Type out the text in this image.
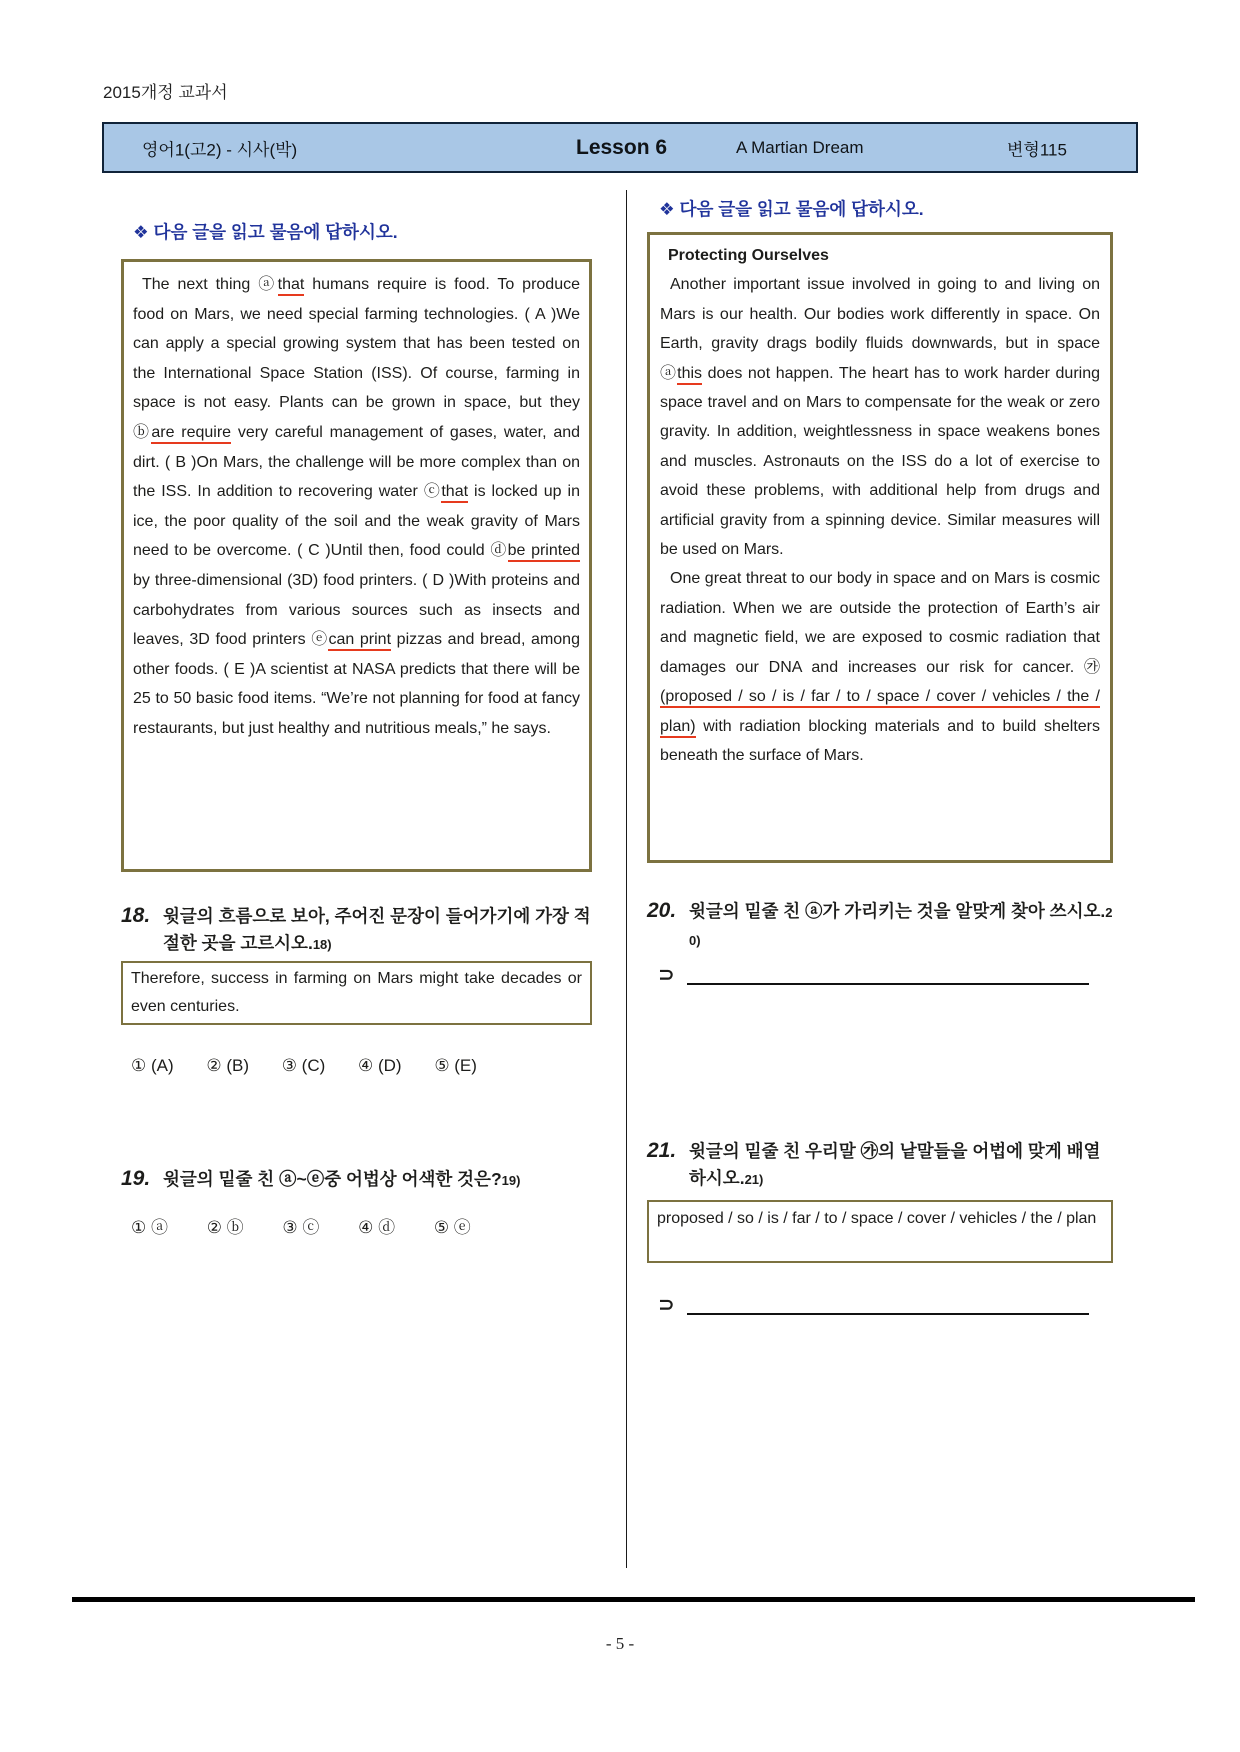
2015개정 교과서
영어1(고2) - 시사(박)	Lesson 6	A Martian Dream	변형115
❖ 다음 글을 읽고 물음에 답하시오.

The next thing ⓐthat humans require is food. To produce food on Mars, we need special farming technologies. ( A )We can apply a special growing system that has been tested on the International Space Station (ISS). Of course, farming in space is not easy. Plants can be grown in space, but they ⓑare require very careful management of gases, water, and dirt. ( B )On Mars, the challenge will be more complex than on the ISS. In addition to recovering water ⓒthat is locked up in ice, the poor quality of the soil and the weak gravity of Mars need to be overcome. ( C )Until then, food could ⓓbe printed by three-dimensional (3D) food printers. ( D )With proteins and carbohydrates from various sources such as insects and leaves, 3D food printers ⓔcan print pizzas and bread, among other foods. ( E )A scientist at NASA predicts that there will be 25 to 50 basic food items. “We’re not planning for food at fancy restaurants, but just healthy and nutritious meals,” he says.

18. 윗글의 흐름으로 보아, 주어진 문장이 들어가기에 가장 적절한 곳을 고르시오.18)
Therefore, success in farming on Mars might take decades or even centuries.
① (A) ② (B) ③ (C) ④ (D) ⑤ (E)
19. 윗글의 밑줄 친 ⓐ~ⓔ중 어법상 어색한 것은?19)
① ⓐ ② ⓑ ③ ⓒ ④ ⓓ ⑤ ⓔ
❖ 다음 글을 읽고 물음에 답하시오.
Protecting Ourselves

Another important issue involved in going to and living on Mars is our health. Our bodies work differently in space. On Earth, gravity drags bodily fluids downwards, but in space ⓐthis does not happen. The heart has to work harder during space travel and on Mars to compensate for the weak or zero gravity. In addition, weightlessness in space weakens bones and muscles. Astronauts on the ISS do a lot of exercise to avoid these problems, with additional help from drugs and artificial gravity from a spinning device. Similar measures will be used on Mars.

One great threat to our body in space and on Mars is cosmic radiation. When we are outside the protection of Earth’s air and magnetic field, we are exposed to cosmic radiation that damages our DNA and increases our risk for cancer. ㉮(proposed / so / is / far / to / space / cover / vehicles / the / plan) with radiation blocking materials and to build shelters beneath the surface of Mars.

20. 윗글의 밑줄 친 ⓐ가 가리키는 것을 알맞게 찾아 쓰시오.20)
⊃
21. 윗글의 밑줄 친 우리말 ㉮의 낱말들을 어법에 맞게 배열하시오.21)
proposed / so / is / far / to / space / cover / vehicles / the / plan
⊃
- 5 -
